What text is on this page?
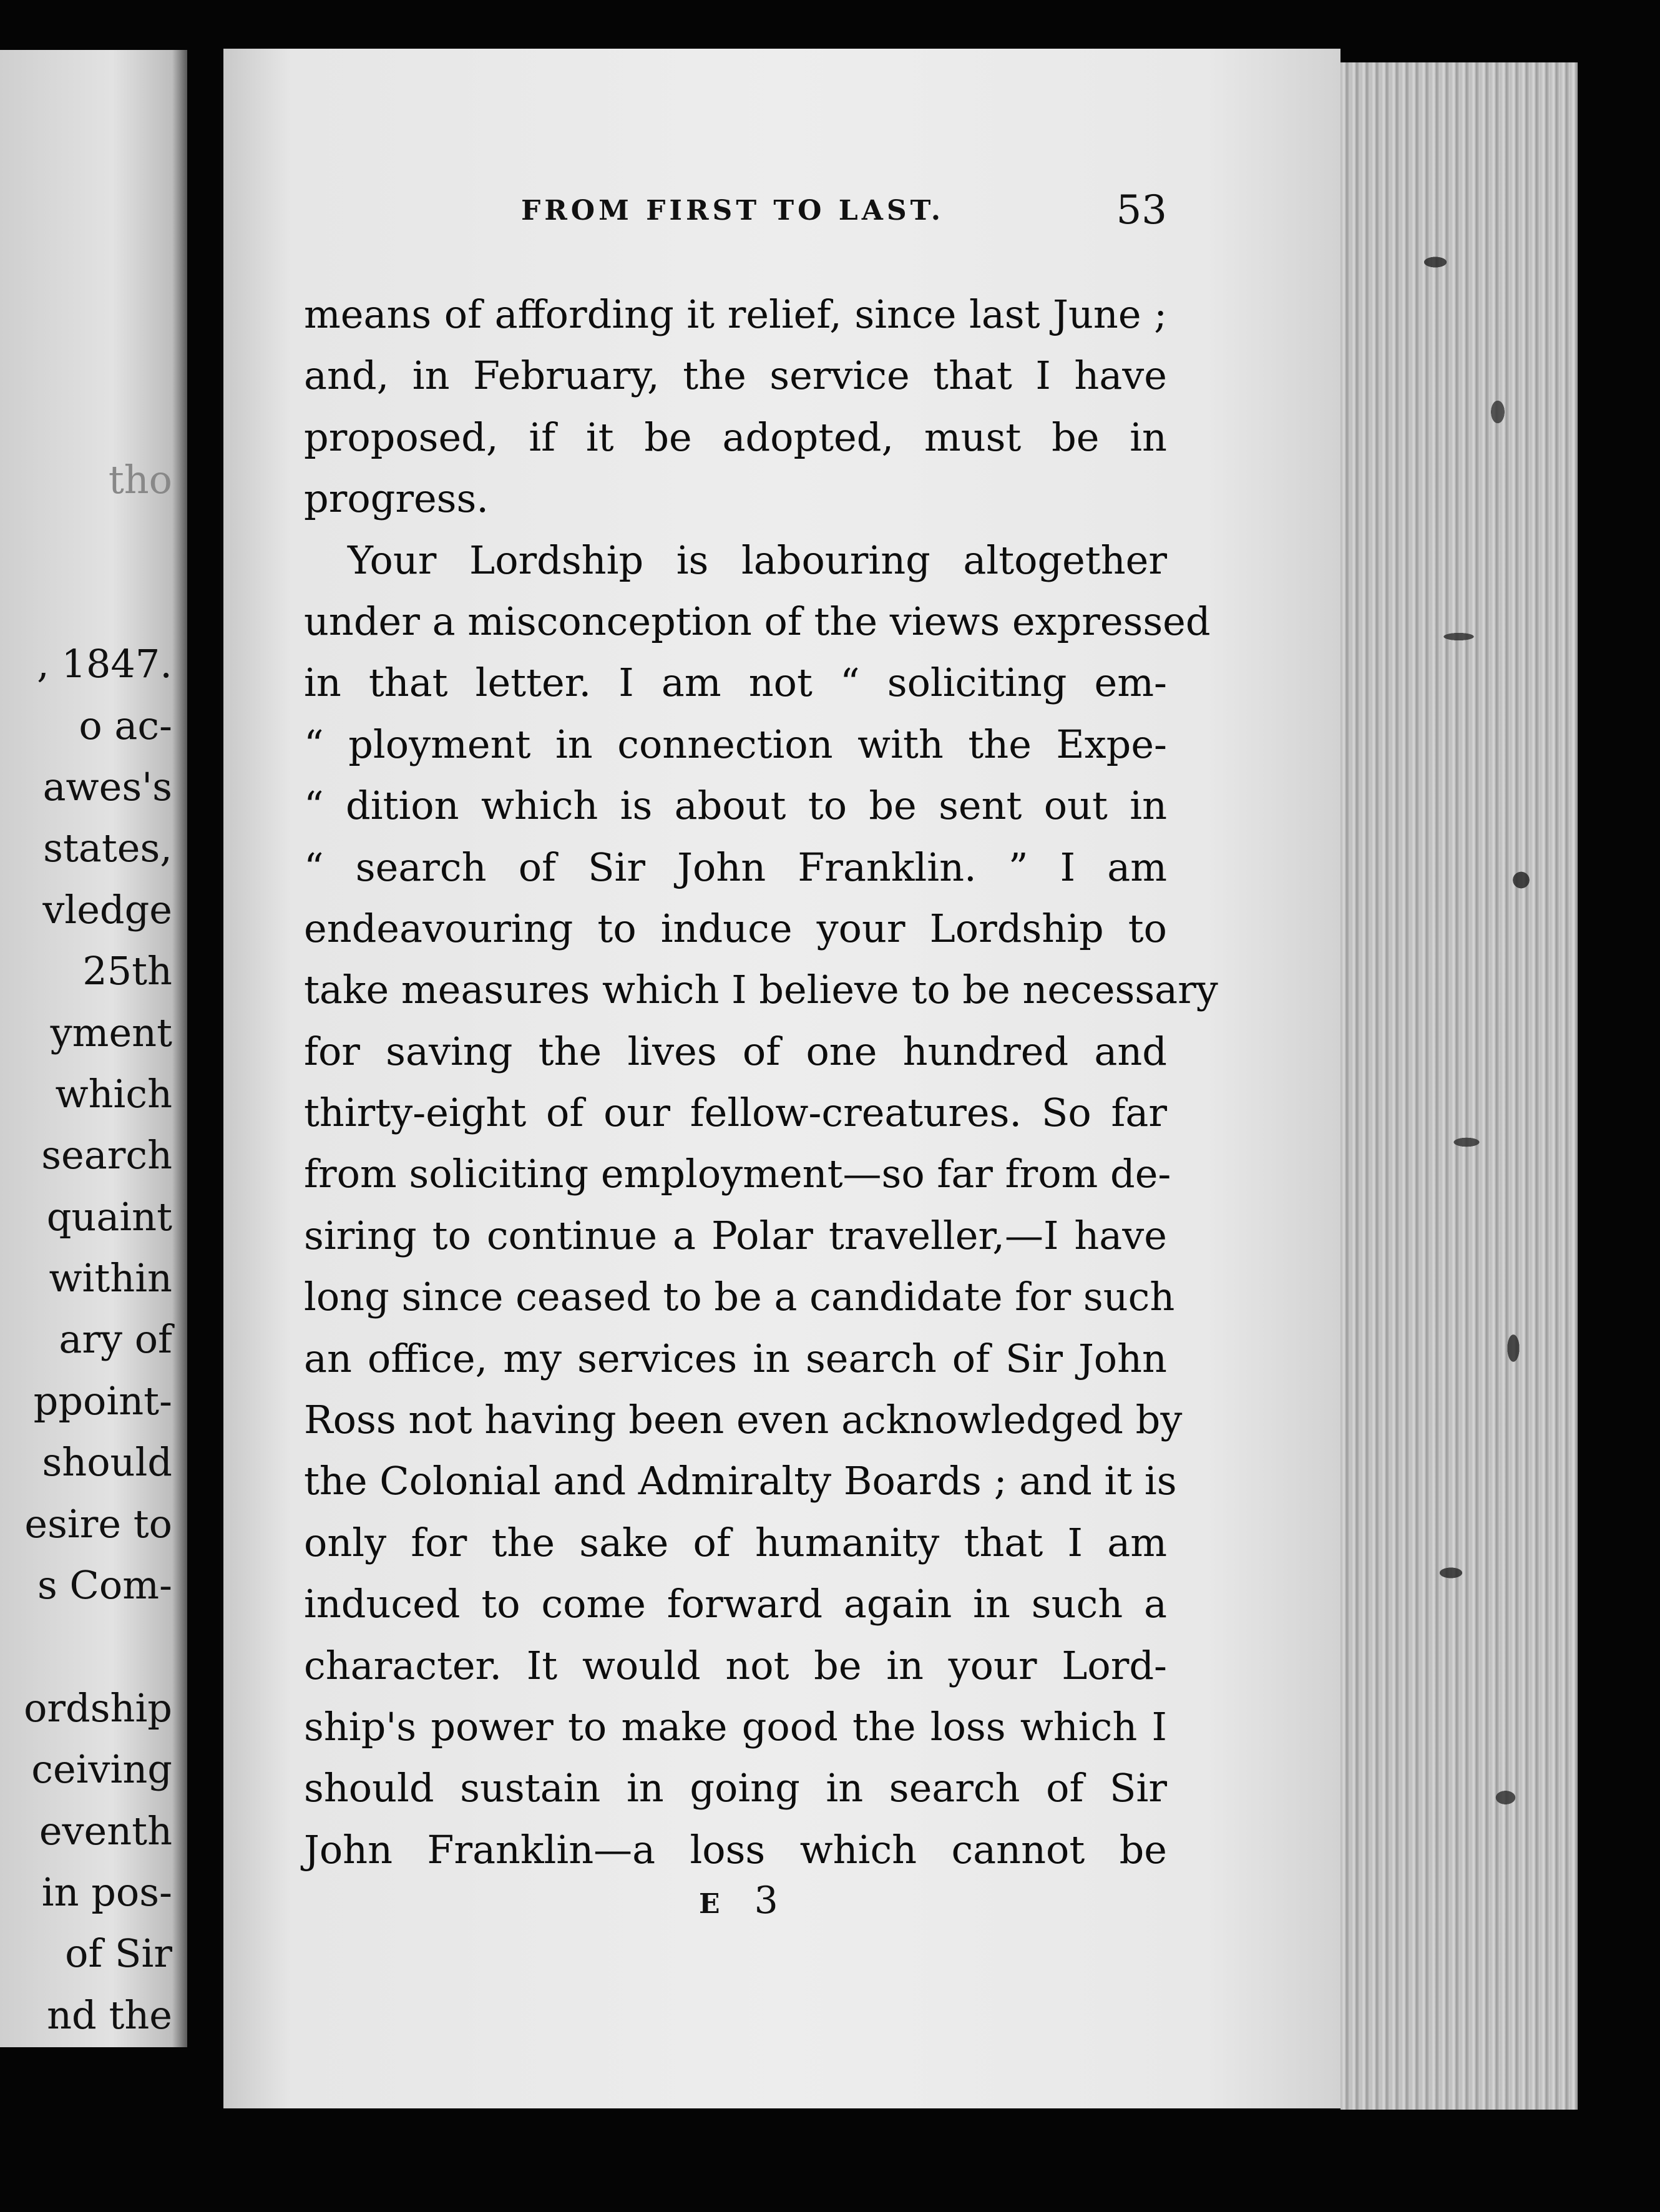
tho
, 1847.
o ac-
awes's
states,
vledge
25th
yment
which
search
quaint
within
ary of
ppoint-
should
esire to
s Com-
ordship
ceiving
eventh
in pos-
of Sir
nd the
FROM FIRST TO LAST.	53
means of affording it relief, since last June ;
and, in February, the service that I have
proposed, if it be adopted, must be in
progress.
Your Lordship is labouring altogether
under a misconception of the views expressed
in that letter. I am not “ soliciting em-
“ ployment in connection with the Expe-
“ dition which is about to be sent out in
“ search of Sir John Franklin. ” I am
endeavouring to induce your Lordship to
take measures which I believe to be necessary
for saving the lives of one hundred and
thirty-eight of our fellow-creatures. So far
from soliciting employment—so far from de-
siring to continue a Polar traveller,—I have
long since ceased to be a candidate for such
an office, my services in search of Sir John
Ross not having been even acknowledged by
the Colonial and Admiralty Boards ; and it is
only for the sake of humanity that I am
induced to come forward again in such a
character. It would not be in your Lord-
ship's power to make good the loss which I
should sustain in going in search of Sir
John Franklin—a loss which cannot be
E 3
